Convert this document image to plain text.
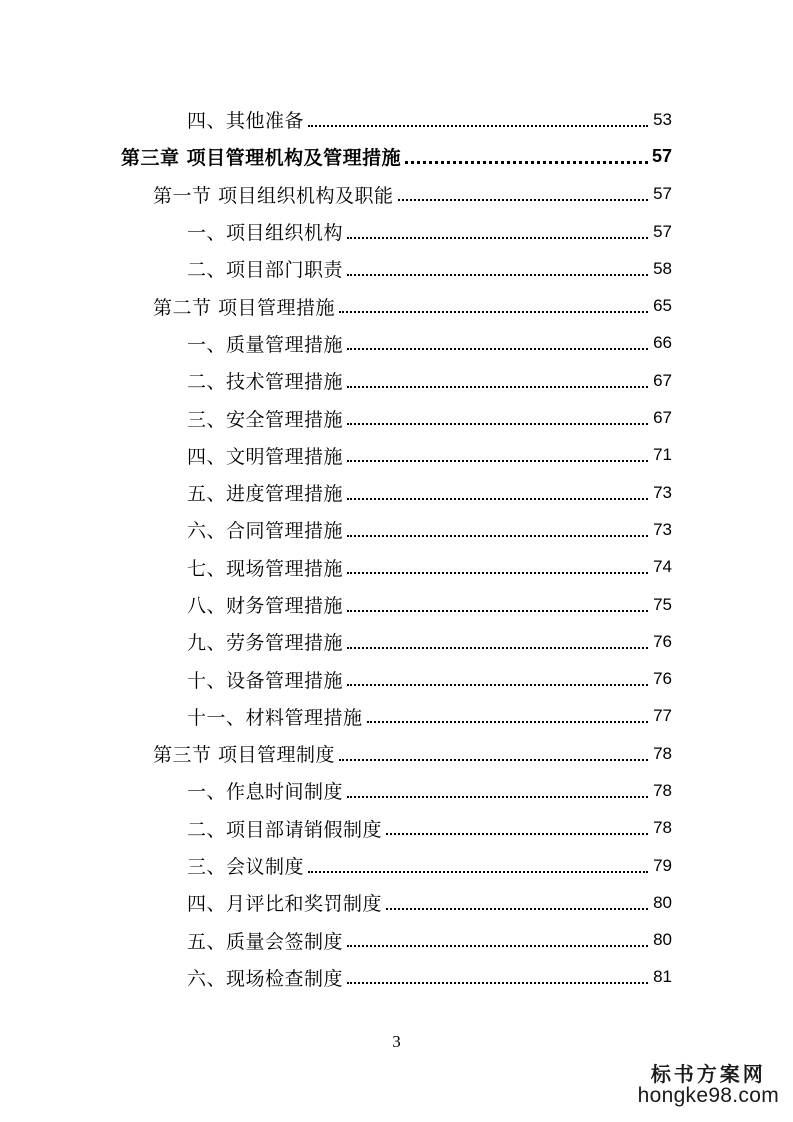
四、其他准备	53
第三章 项目管理机构及管理措施	57
第一节 项目组织机构及职能	57
一、项目组织机构	57
二、项目部门职责	58
第二节 项目管理措施	65
一、质量管理措施	66
二、技术管理措施	67
三、安全管理措施	67
四、文明管理措施	71
五、进度管理措施	73
六、合同管理措施	73
七、现场管理措施	74
八、财务管理措施	75
九、劳务管理措施	76
十、设备管理措施	76
十一、材料管理措施	77
第三节 项目管理制度	78
一、作息时间制度	78
二、项目部请销假制度	78
三、会议制度	79
四、月评比和奖罚制度	80
五、质量会签制度	80
六、现场检查制度	81
3
标书方案网
hongke98.com
